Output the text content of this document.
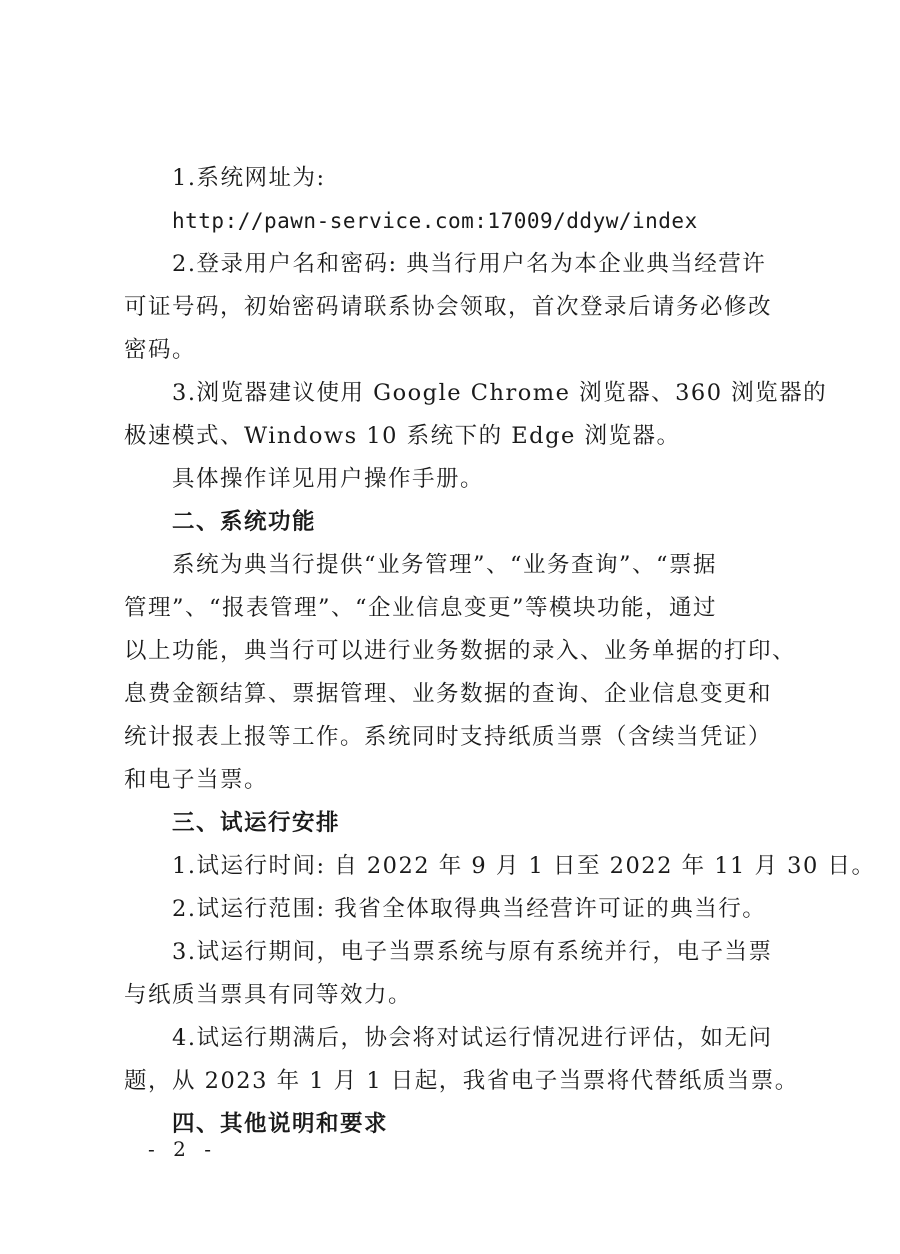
1.系统网址为:
http://pawn-service.com:17009/ddyw/index
2.登录用户名和密码: 典当行用户名为本企业典当经营许
可证号码，初始密码请联系协会领取，首次登录后请务必修改
密码。
3.浏览器建议使用 Google Chrome 浏览器、360 浏览器的
极速模式、Windows 10 系统下的 Edge 浏览器。
具体操作详见用户操作手册。
二、系统功能
系统为典当行提供“业务管理”、“业务查询”、“票据
管理”、“报表管理”、“企业信息变更”等模块功能，通过
以上功能，典当行可以进行业务数据的录入、业务单据的打印、
息费金额结算、票据管理、业务数据的查询、企业信息变更和
统计报表上报等工作。系统同时支持纸质当票（含续当凭证）
和电子当票。
三、试运行安排
1.试运行时间: 自 2022 年 9 月 1 日至 2022 年 11 月 30 日。
2.试运行范围: 我省全体取得典当经营许可证的典当行。
3.试运行期间，电子当票系统与原有系统并行，电子当票
与纸质当票具有同等效力。
4.试运行期满后，协会将对试运行情况进行评估，如无问
题，从 2023 年 1 月 1 日起，我省电子当票将代替纸质当票。
四、其他说明和要求
- 2 -
